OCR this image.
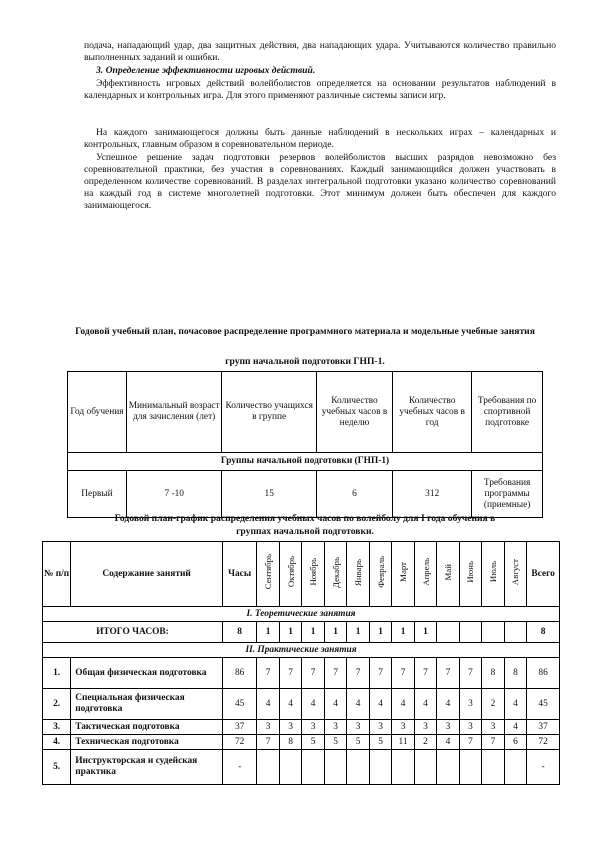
подача, нападающий удар, два защитных действия, два нападающих удара. Учитываются количество правильно выполненных заданий и ошибки.

3. Определение эффективности игровых действий.

Эффективность игровых действий волейболистов определяется на основании результатов наблюдений в календарных и контрольных игра. Для этого применяют различные системы записи игр.

На каждого занимающегося должны быть данные наблюдений в нескольких играх – календарных и контрольных, главным образом в соревновательном периоде.

Успешное решение задач подготовки резервов волейболистов высших разрядов невозможно без соревновательной практики, без участия в соревнованиях. Каждый занимающийся должен участвовать в определенном количестве соревнований. В разделах интегральной подготовки указано количество соревнований на каждый год в системе многолетней подготовки. Этот минимум должен быть обеспечен для каждого занимающегося.

Годовой учебный план, почасовое распределение программного материала и модельные учебные занятия

групп начальной подготовки ГНП-1.

Год обучения	Минимальный возраст для зачисления (лет)	Количество учащихся в группе	Количество учебных часов в неделю	Количество учебных часов в год	Требования по спортивной подготовке
Группы начальной подготовки (ГНП-1)					
Первый	7 -10	15	6	312	Требования программы (приемные)

Годовой план-график распределения учебных часов по волейболу для I года обучения в

группах начальной подготовки.

№ п/п	Содержание занятий	Часы	Сентябрь	Октябрь	Ноябрь	Декабрь	Январь	Февраль	Март	Апрель	Май	Июнь	Июль	Август	Всего
I. Теоретические занятия															
ИТОГО ЧАСОВ:		8	1	1	1	1	1	1	1	1					8
II. Практические занятия															
1.	Общая физическая подготовка	86	7	7	7	7	7	7	7	7	7	7	8	8	86
2.	Специальная физическая подготовка	45	4	4	4	4	4	4	4	4	4	3	2	4	45
3.	Тактическая подготовка	37	3	3	3	3	3	3	3	3	3	3	3	4	37
4.	Техническая подготовка	72	7	8	5	5	5	5	11	2	4	7	7	6	72
5.	Инструкторская и судейская практика	-													-
